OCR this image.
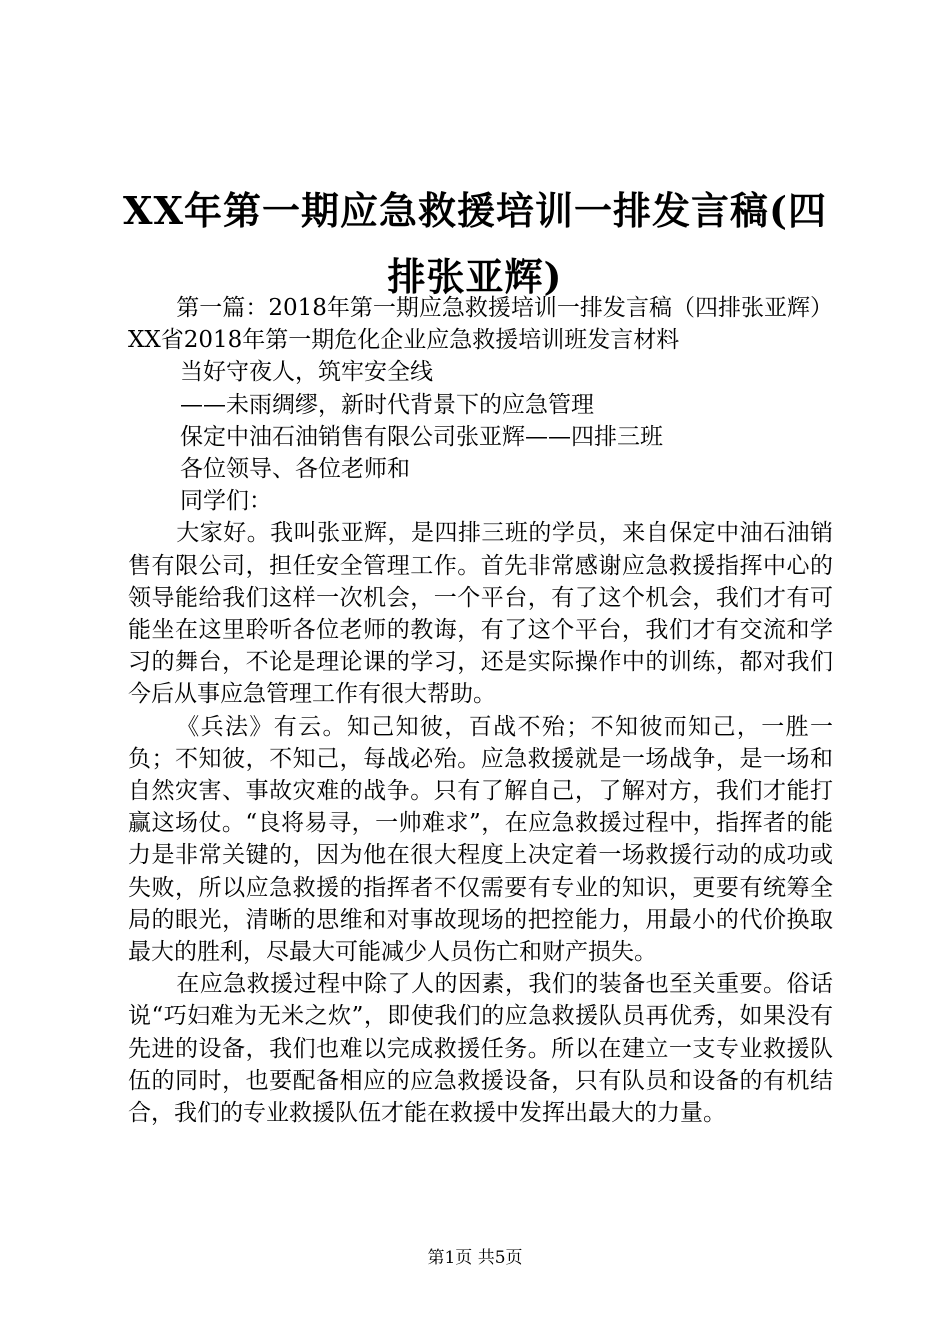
XX年第一期应急救援培训一排发言稿(四排张亚辉)

第一篇：2018年第一期应急救援培训一排发言稿（四排张亚辉）XX省2018年第一期危化企业应急救援培训班发言材料

当好守夜人，筑牢安全线

——未雨绸缪，新时代背景下的应急管理

保定中油石油销售有限公司张亚辉——四排三班

各位领导、各位老师和

同学们：

大家好。我叫张亚辉，是四排三班的学员，来自保定中油石油销售有限公司，担任安全管理工作。首先非常感谢应急救援指挥中心的领导能给我们这样一次机会，一个平台，有了这个机会，我们才有可能坐在这里聆听各位老师的教诲，有了这个平台，我们才有交流和学习的舞台，不论是理论课的学习，还是实际操作中的训练，都对我们今后从事应急管理工作有很大帮助。

《兵法》有云。知己知彼，百战不殆；不知彼而知己，一胜一负；不知彼，不知己，每战必殆。应急救援就是一场战争，是一场和自然灾害、事故灾难的战争。只有了解自己，了解对方，我们才能打赢这场仗。“良将易寻，一帅难求”，在应急救援过程中，指挥者的能力是非常关键的，因为他在很大程度上决定着一场救援行动的成功或失败，所以应急救援的指挥者不仅需要有专业的知识，更要有统筹全局的眼光，清晰的思维和对事故现场的把控能力，用最小的代价换取最大的胜利，尽最大可能减少人员伤亡和财产损失。

在应急救援过程中除了人的因素，我们的装备也至关重要。俗话说“巧妇难为无米之炊”，即使我们的应急救援队员再优秀，如果没有先进的设备，我们也难以完成救援任务。所以在建立一支专业救援队伍的同时，也要配备相应的应急救援设备，只有队员和设备的有机结合，我们的专业救援队伍才能在救援中发挥出最大的力量。

第1页 共5页
